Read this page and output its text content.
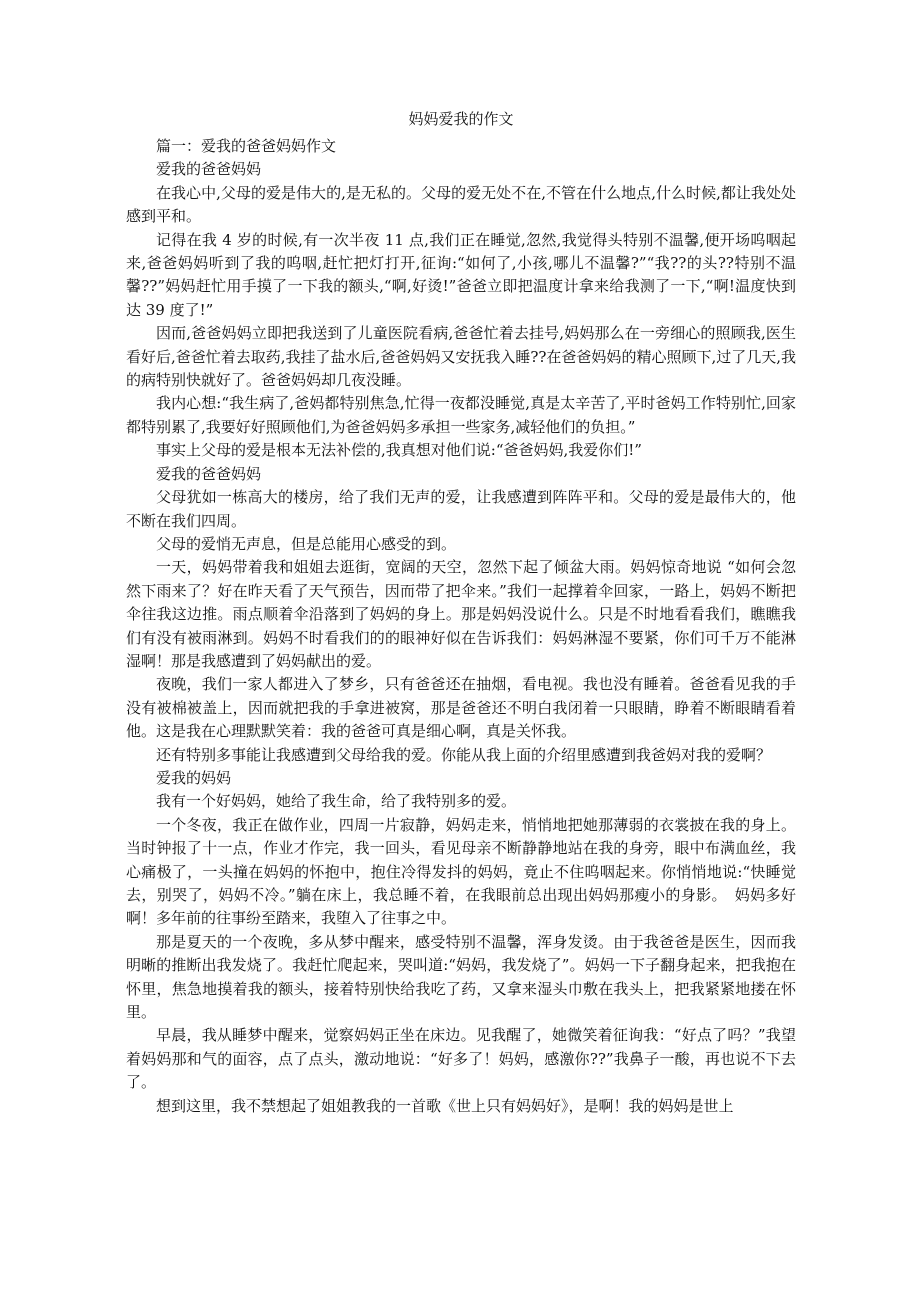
妈妈爱我的作文

篇一：爱我的爸爸妈妈作文

爱我的爸爸妈妈

在我心中,父母的爱是伟大的,是无私的。父母的爱无处不在,不管在什么地点,什么时候,都让我处处感到平和。

记得在我 4 岁的时候,有一次半夜 11 点,我们正在睡觉,忽然,我觉得头特别不温馨,便开场呜咽起来,爸爸妈妈听到了我的呜咽,赶忙把灯打开,征询:“如何了,小孩,哪儿不温馨?”“我??的头??特别不温馨??”妈妈赶忙用手摸了一下我的额头,“啊,好烫!”爸爸立即把温度计拿来给我测了一下,“啊!温度快到达 39 度了!”

因而,爸爸妈妈立即把我送到了儿童医院看病,爸爸忙着去挂号,妈妈那么在一旁细心的照顾我,医生看好后,爸爸忙着去取药,我挂了盐水后,爸爸妈妈又安抚我入睡??在爸爸妈妈的精心照顾下,过了几天,我的病特别快就好了。爸爸妈妈却几夜没睡。

我内心想:“我生病了,爸妈都特别焦急,忙得一夜都没睡觉,真是太辛苦了,平时爸妈工作特别忙,回家都特别累了,我要好好照顾他们,为爸爸妈妈多承担一些家务,减轻他们的负担。”

事实上父母的爱是根本无法补偿的,我真想对他们说:“爸爸妈妈,我爱你们!”

爱我的爸爸妈妈

父母犹如一栋高大的楼房，给了我们无声的爱，让我感遭到阵阵平和。父母的爱是最伟大的，他不断在我们四周。

父母的爱悄无声息，但是总能用心感受的到。

一天，妈妈带着我和姐姐去逛街，宽阔的天空，忽然下起了倾盆大雨。妈妈惊奇地说 “如何会忽然下雨来了？好在昨天看了天气预告，因而带了把伞来。”我们一起撑着伞回家，一路上，妈妈不断把伞往我这边推。雨点顺着伞沿落到了妈妈的身上。那是妈妈没说什么。只是不时地看看我们，瞧瞧我们有没有被雨淋到。妈妈不时看我们的的眼神好似在告诉我们：妈妈淋湿不要紧，你们可千万不能淋湿啊！那是我感遭到了妈妈献出的爱。

夜晚，我们一家人都进入了梦乡，只有爸爸还在抽烟，看电视。我也没有睡着。爸爸看见我的手没有被棉被盖上，因而就把我的手拿进被窝，那是爸爸还不明白我闭着一只眼睛，睁着不断眼睛看着他。这是我在心理默默笑着：我的爸爸可真是细心啊，真是关怀我。

还有特别多事能让我感遭到父母给我的爱。你能从我上面的介绍里感遭到我爸妈对我的爱啊？

爱我的妈妈

我有一个好妈妈，她给了我生命，给了我特别多的爱。

一个冬夜，我正在做作业，四周一片寂静，妈妈走来，悄悄地把她那薄弱的衣裳披在我的身上。当时钟报了十一点，作业才作完，我一回头，看见母亲不断静静地站在我的身旁，眼中布满血丝，我心痛极了，一头撞在妈妈的怀抱中，抱住冷得发抖的妈妈，竟止不住呜咽起来。你悄悄地说:“快睡觉去，别哭了，妈妈不冷。”躺在床上，我总睡不着，在我眼前总出现出妈妈那瘦小的身影。　妈妈多好啊！多年前的往事纷至踏来，我堕入了往事之中。

那是夏天的一个夜晚，多从梦中醒来，感受特别不温馨，浑身发烫。由于我爸爸是医生，因而我明晰的推断出我发烧了。我赶忙爬起来，哭叫道:“妈妈，我发烧了”。妈妈一下子翻身起来，把我抱在怀里，焦急地摸着我的额头，接着特别快给我吃了药，又拿来湿头巾敷在我头上，把我紧紧地搂在怀里。

早晨，我从睡梦中醒来，觉察妈妈正坐在床边。见我醒了，她微笑着征询我：“好点了吗？”我望着妈妈那和气的面容，点了点头，激动地说：“好多了！妈妈，感激你??”我鼻子一酸，再也说不下去了。

想到这里，我不禁想起了姐姐教我的一首歌《世上只有妈妈好》，是啊！我的妈妈是世上
